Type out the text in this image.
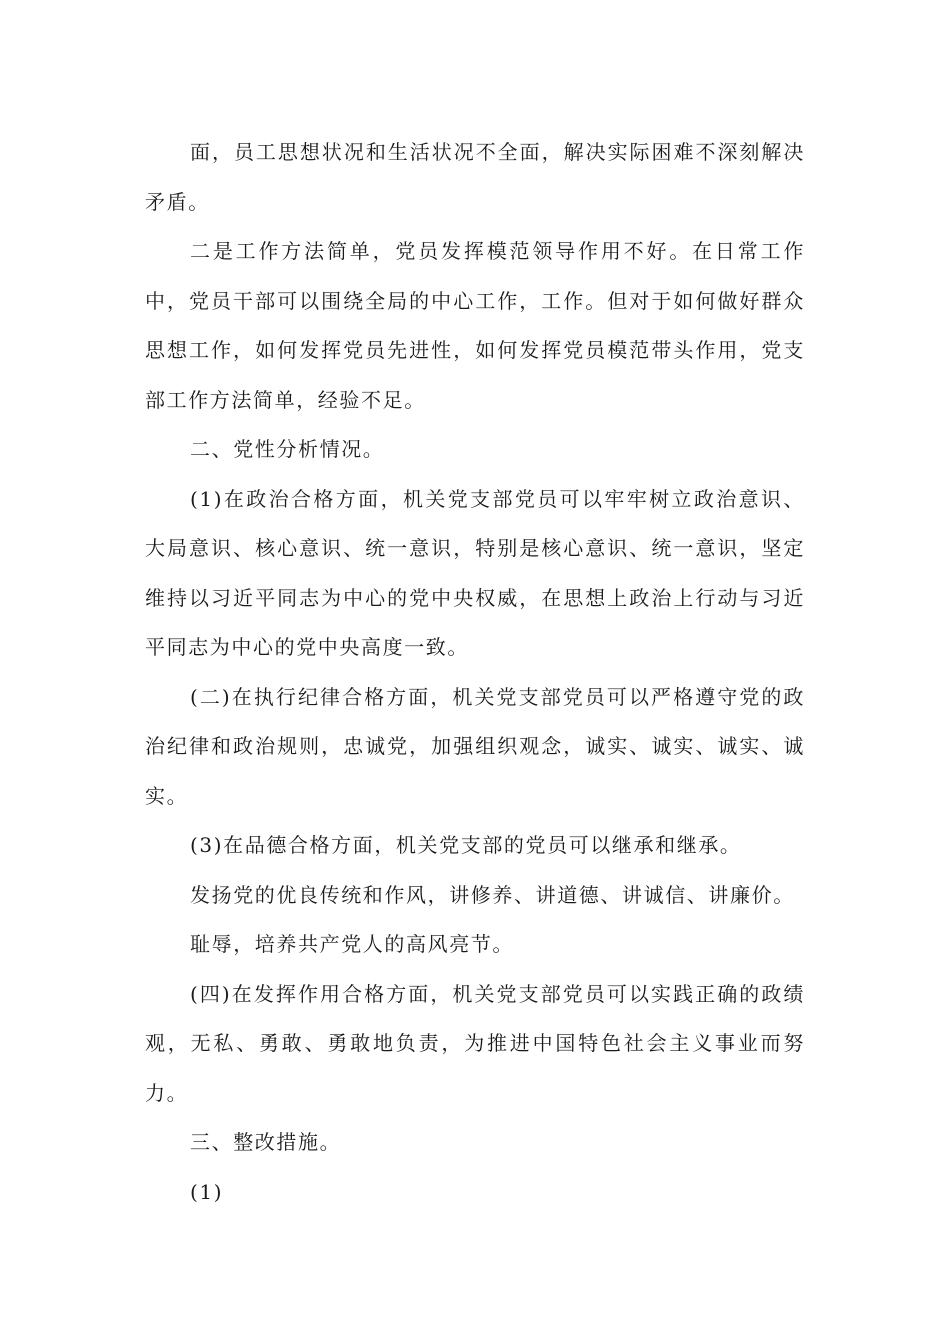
面，员工思想状况和生活状况不全面，解决实际困难不深刻解决矛盾。

二是工作方法简单，党员发挥模范领导作用不好。在日常工作中，党员干部可以围绕全局的中心工作，工作。但对于如何做好群众思想工作，如何发挥党员先进性，如何发挥党员模范带头作用，党支部工作方法简单，经验不足。

二、党性分析情况。

(1)在政治合格方面，机关党支部党员可以牢牢树立政治意识、大局意识、核心意识、统一意识，特别是核心意识、统一意识，坚定维持以习近平同志为中心的党中央权威，在思想上政治上行动与习近平同志为中心的党中央高度一致。

(二)在执行纪律合格方面，机关党支部党员可以严格遵守党的政治纪律和政治规则，忠诚党，加强组织观念，诚实、诚实、诚实、诚实。

(3)在品德合格方面，机关党支部的党员可以继承和继承。

发扬党的优良传统和作风，讲修养、讲道德、讲诚信、讲廉价。

耻辱，培养共产党人的高风亮节。

(四)在发挥作用合格方面，机关党支部党员可以实践正确的政绩观，无私、勇敢、勇敢地负责，为推进中国特色社会主义事业而努力。

三、整改措施。

(1)
